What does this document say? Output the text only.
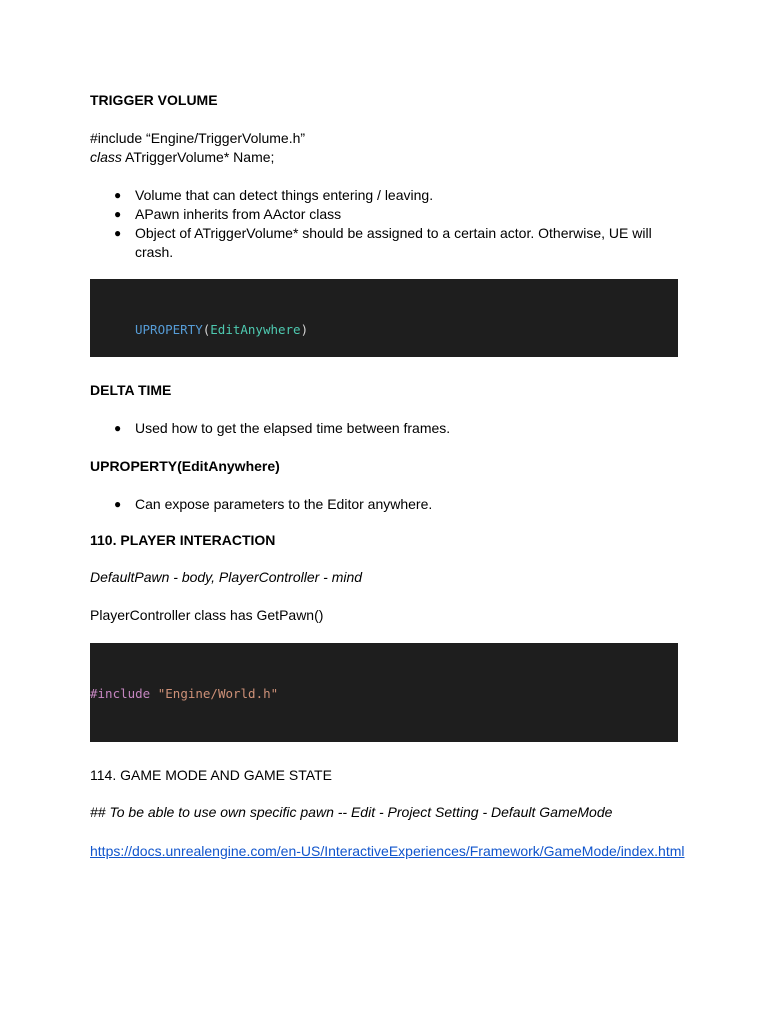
TRIGGER VOLUME
#include “Engine/TriggerVolume.h”
class ATriggerVolume* Name;
● Volume that can detect things entering / leaving.
● APawn inherits from AActor class
● Object of ATriggerVolume* should be assigned to a certain actor. Otherwise, UE will crash.

UPROPERTY(EditAnywhere)

DELTA TIME
● Used how to get the elapsed time between frames.
UPROPERTY(EditAnywhere)
● Can expose parameters to the Editor anywhere.
110. PLAYER INTERACTION
DefaultPawn - body, PlayerController - mind
PlayerController class has GetPawn()

#include "Engine/World.h"

114. GAME MODE AND GAME STATE
## To be able to use own specific pawn -- Edit - Project Setting - Default GameMode
https://docs.unrealengine.com/en-US/InteractiveExperiences/Framework/GameMode/index.html
